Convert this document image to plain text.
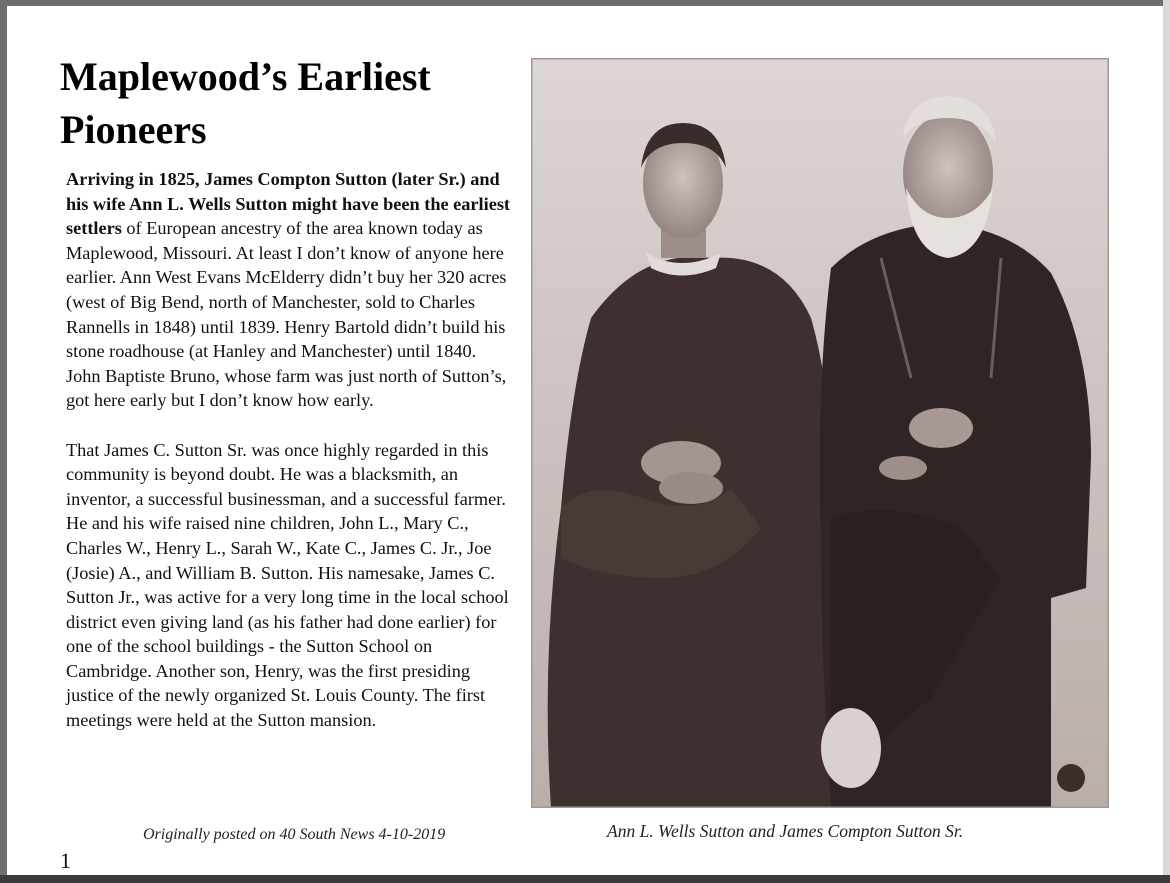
Maplewood’s Earliest
Pioneers

Arriving in 1825, James Compton Sutton (later Sr.) and his wife Ann L. Wells Sutton might have been the earliest settlers of European ancestry of the area known today as Maplewood, Missouri. At least I don’t know of anyone here earlier. Ann West Evans McElderry didn’t buy her 320 acres (west of Big Bend, north of Manchester, sold to Charles Rannells in 1848) until 1839. Henry Bartold didn’t build his stone roadhouse (at Hanley and Manchester) until 1840. John Baptiste Bruno, whose farm was just north of Sutton’s, got here early but I don’t know how early.

That James C. Sutton Sr. was once highly regarded in this community is beyond doubt. He was a blacksmith, an inventor, a successful businessman, and a successful farmer. He and his wife raised nine children, John L., Mary C., Charles W., Henry L., Sarah W., Kate C., James C. Jr., Joe (Josie) A., and William B. Sutton. His namesake, James C. Sutton Jr., was active for a very long time in the local school district even giving land (as his father had done earlier) for one of the school buildings - the Sutton School on Cambridge. Another son, Henry, was the first presiding justice of the newly organized St. Louis County. The first meetings were held at the Sutton mansion.

Originally posted on 40 South News 4-10-2019
1
Ann L. Wells Sutton and James Compton Sutton Sr.
